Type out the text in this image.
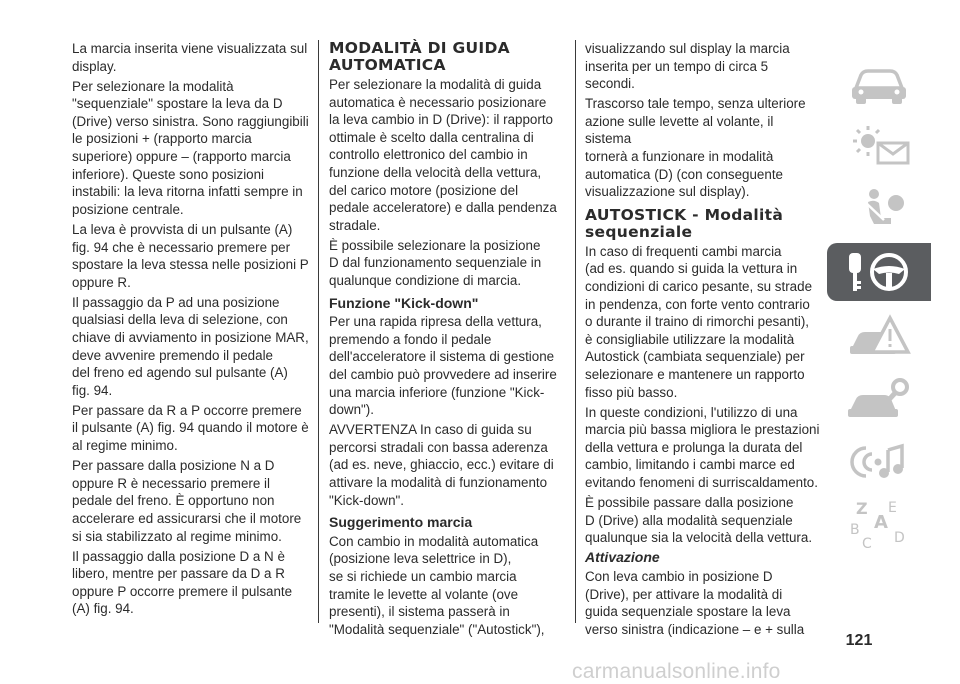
La marcia inserita viene visualizzata sul
display.

Per selezionare la modalità
"sequenziale" spostare la leva da D
(Drive) verso sinistra. Sono raggiungibili
le posizioni + (rapporto marcia
superiore) oppure – (rapporto marcia
inferiore). Queste sono posizioni
instabili: la leva ritorna infatti sempre in
posizione centrale.

La leva è provvista di un pulsante (A)
fig. 94 che è necessario premere per
spostare la leva stessa nelle posizioni P
oppure R.

Il passaggio da P ad una posizione
qualsiasi della leva di selezione, con
chiave di avviamento in posizione MAR,
deve avvenire premendo il pedale
del freno ed agendo sul pulsante (A)
fig. 94.

Per passare da R a P occorre premere
il pulsante (A) fig. 94 quando il motore è
al regime minimo.

Per passare dalla posizione N a D
oppure R è necessario premere il
pedale del freno. È opportuno non
accelerare ed assicurarsi che il motore
si sia stabilizzato al regime minimo.

Il passaggio dalla posizione D a N è
libero, mentre per passare da D a R
oppure P occorre premere il pulsante
(A) fig. 94.

MODALITÀ DI GUIDA
AUTOMATICA

Per selezionare la modalità di guida
automatica è necessario posizionare
la leva cambio in D (Drive): il rapporto
ottimale è scelto dalla centralina di
controllo elettronico del cambio in
funzione della velocità della vettura,
del carico motore (posizione del
pedale acceleratore) e dalla pendenza
stradale.

È possibile selezionare la posizione
D dal funzionamento sequenziale in
qualunque condizione di marcia.

Funzione "Kick-down"

Per una rapida ripresa della vettura,
premendo a fondo il pedale
dell'acceleratore il sistema di gestione
del cambio può provvedere ad inserire
una marcia inferiore (funzione "Kick-
down").

AVVERTENZA In caso di guida su
percorsi stradali con bassa aderenza
(ad es. neve, ghiaccio, ecc.) evitare di
attivare la modalità di funzionamento
"Kick-down".

Suggerimento marcia

Con cambio in modalità automatica
(posizione leva selettrice in D),
se si richiede un cambio marcia
tramite le levette al volante (ove
presenti), il sistema passerà in
"Modalità sequenziale" ("Autostick"),

visualizzando sul display la marcia
inserita per un tempo di circa 5
secondi.

Trascorso tale tempo, senza ulteriore
azione sulle levette al volante, il sistema
tornerà a funzionare in modalità
automatica (D) (con conseguente
visualizzazione sul display).

AUTOSTICK - Modalità
sequenziale

In caso di frequenti cambi marcia
(ad es. quando si guida la vettura in
condizioni di carico pesante, su strade
in pendenza, con forte vento contrario
o durante il traino di rimorchi pesanti),
è consigliabile utilizzare la modalità
Autostick (cambiata sequenziale) per
selezionare e mantenere un rapporto
fisso più basso.

In queste condizioni, l'utilizzo di una
marcia più bassa migliora le prestazioni
della vettura e prolunga la durata del
cambio, limitando i cambi marce ed
evitando fenomeni di surriscaldamento.

È possibile passare dalla posizione
D (Drive) alla modalità sequenziale
qualunque sia la velocità della vettura.

Attivazione

Con leva cambio in posizione D
(Drive), per attivare la modalità di
guida sequenziale spostare la leva
verso sinistra (indicazione – e + sulla

Z E
A
B
C D
121
carmanualsonline.info
